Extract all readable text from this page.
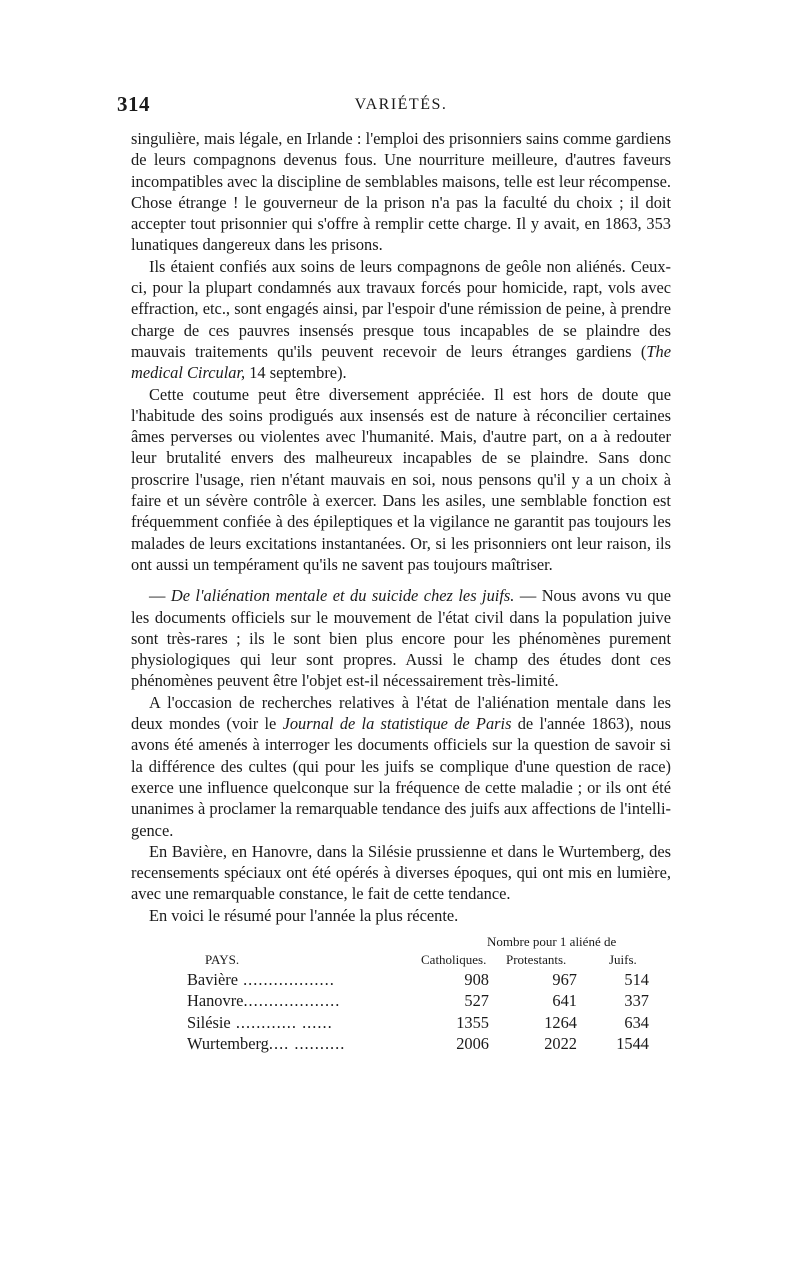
314	VARIÉTÉS.

singulière, mais légale, en Irlande : l'emploi des prisonniers sains comme gardiens de leurs compagnons devenus fous. Une nourriture meilleure, d'autres faveurs incompatibles avec la discipline de semblables maisons, telle est leur récompense. Chose étrange ! le gouverneur de la prison n'a pas la faculté du choix ; il doit accepter tout prisonnier qui s'offre à remplir cette charge. Il y avait, en 1863, 353 lunatiques dangereux dans les prisons.

Ils étaient confiés aux soins de leurs compagnons de geôle non aliénés. Ceux-ci, pour la plupart condamnés aux travaux forcés pour homicide, rapt, vols avec effraction, etc., sont engagés ainsi, par l'espoir d'une rémission de peine, à prendre charge de ces pauvres insensés presque tous incapables de se plaindre des mauvais traitements qu'ils peuvent recevoir de leurs étranges gardiens (The medical Circular, 14 septembre).

Cette coutume peut être diversement appréciée. Il est hors de doute que l'habitude des soins prodigués aux insensés est de nature à réconcilier certaines âmes perverses ou violentes avec l'humanité. Mais, d'autre part, on a à redouter leur brutalité envers des malheureux incapables de se plaindre. Sans donc proscrire l'usage, rien n'étant mauvais en soi, nous pensons qu'il y a un choix à faire et un sévère contrôle à exercer. Dans les asiles, une semblable fonction est fréquemment confiée à des épileptiques et la vigilance ne garantit pas toujours les malades de leurs excitations instantanées. Or, si les prisonniers ont leur raison, ils ont aussi un tempérament qu'ils ne savent pas toujours maîtriser.

— De l'aliénation mentale et du suicide chez les juifs. — Nous avons vu que les documents officiels sur le mouvement de l'état civil dans la population juive sont très-rares ; ils le sont bien plus encore pour les phénomènes purement physiologiques qui leur sont propres. Aussi le champ des études dont ces phénomènes peuvent être l'objet est-il nécessairement très-limité.

A l'occasion de recherches relatives à l'état de l'aliénation mentale dans les deux mondes (voir le Journal de la statistique de Paris de l'année 1863), nous avons été amenés à interroger les documents officiels sur la question de savoir si la différence des cultes (qui pour les juifs se complique d'une question de race) exerce une influence quelconque sur la fréquence de cette maladie ; or ils ont été unanimes à proclamer la remarquable tendance des juifs aux affections de l'intelligence.

En Bavière, en Hanovre, dans la Silésie prussienne et dans le Wurtemberg, des recensements spéciaux ont été opérés à diverses époques, qui ont mis en lumière, avec une remarquable constance, le fait de cette tendance.

En voici le résumé pour l'année la plus récente.

Nombre pour 1 aliéné de
PAYS.	Catholiques. Protestants.	Juifs.
Bavière ..................	908	967	514
Hanovre...................	527	641	337
Silésie ............ ......	1355	1264	634
Wurtemberg.... ..........	2006	2022	1544
